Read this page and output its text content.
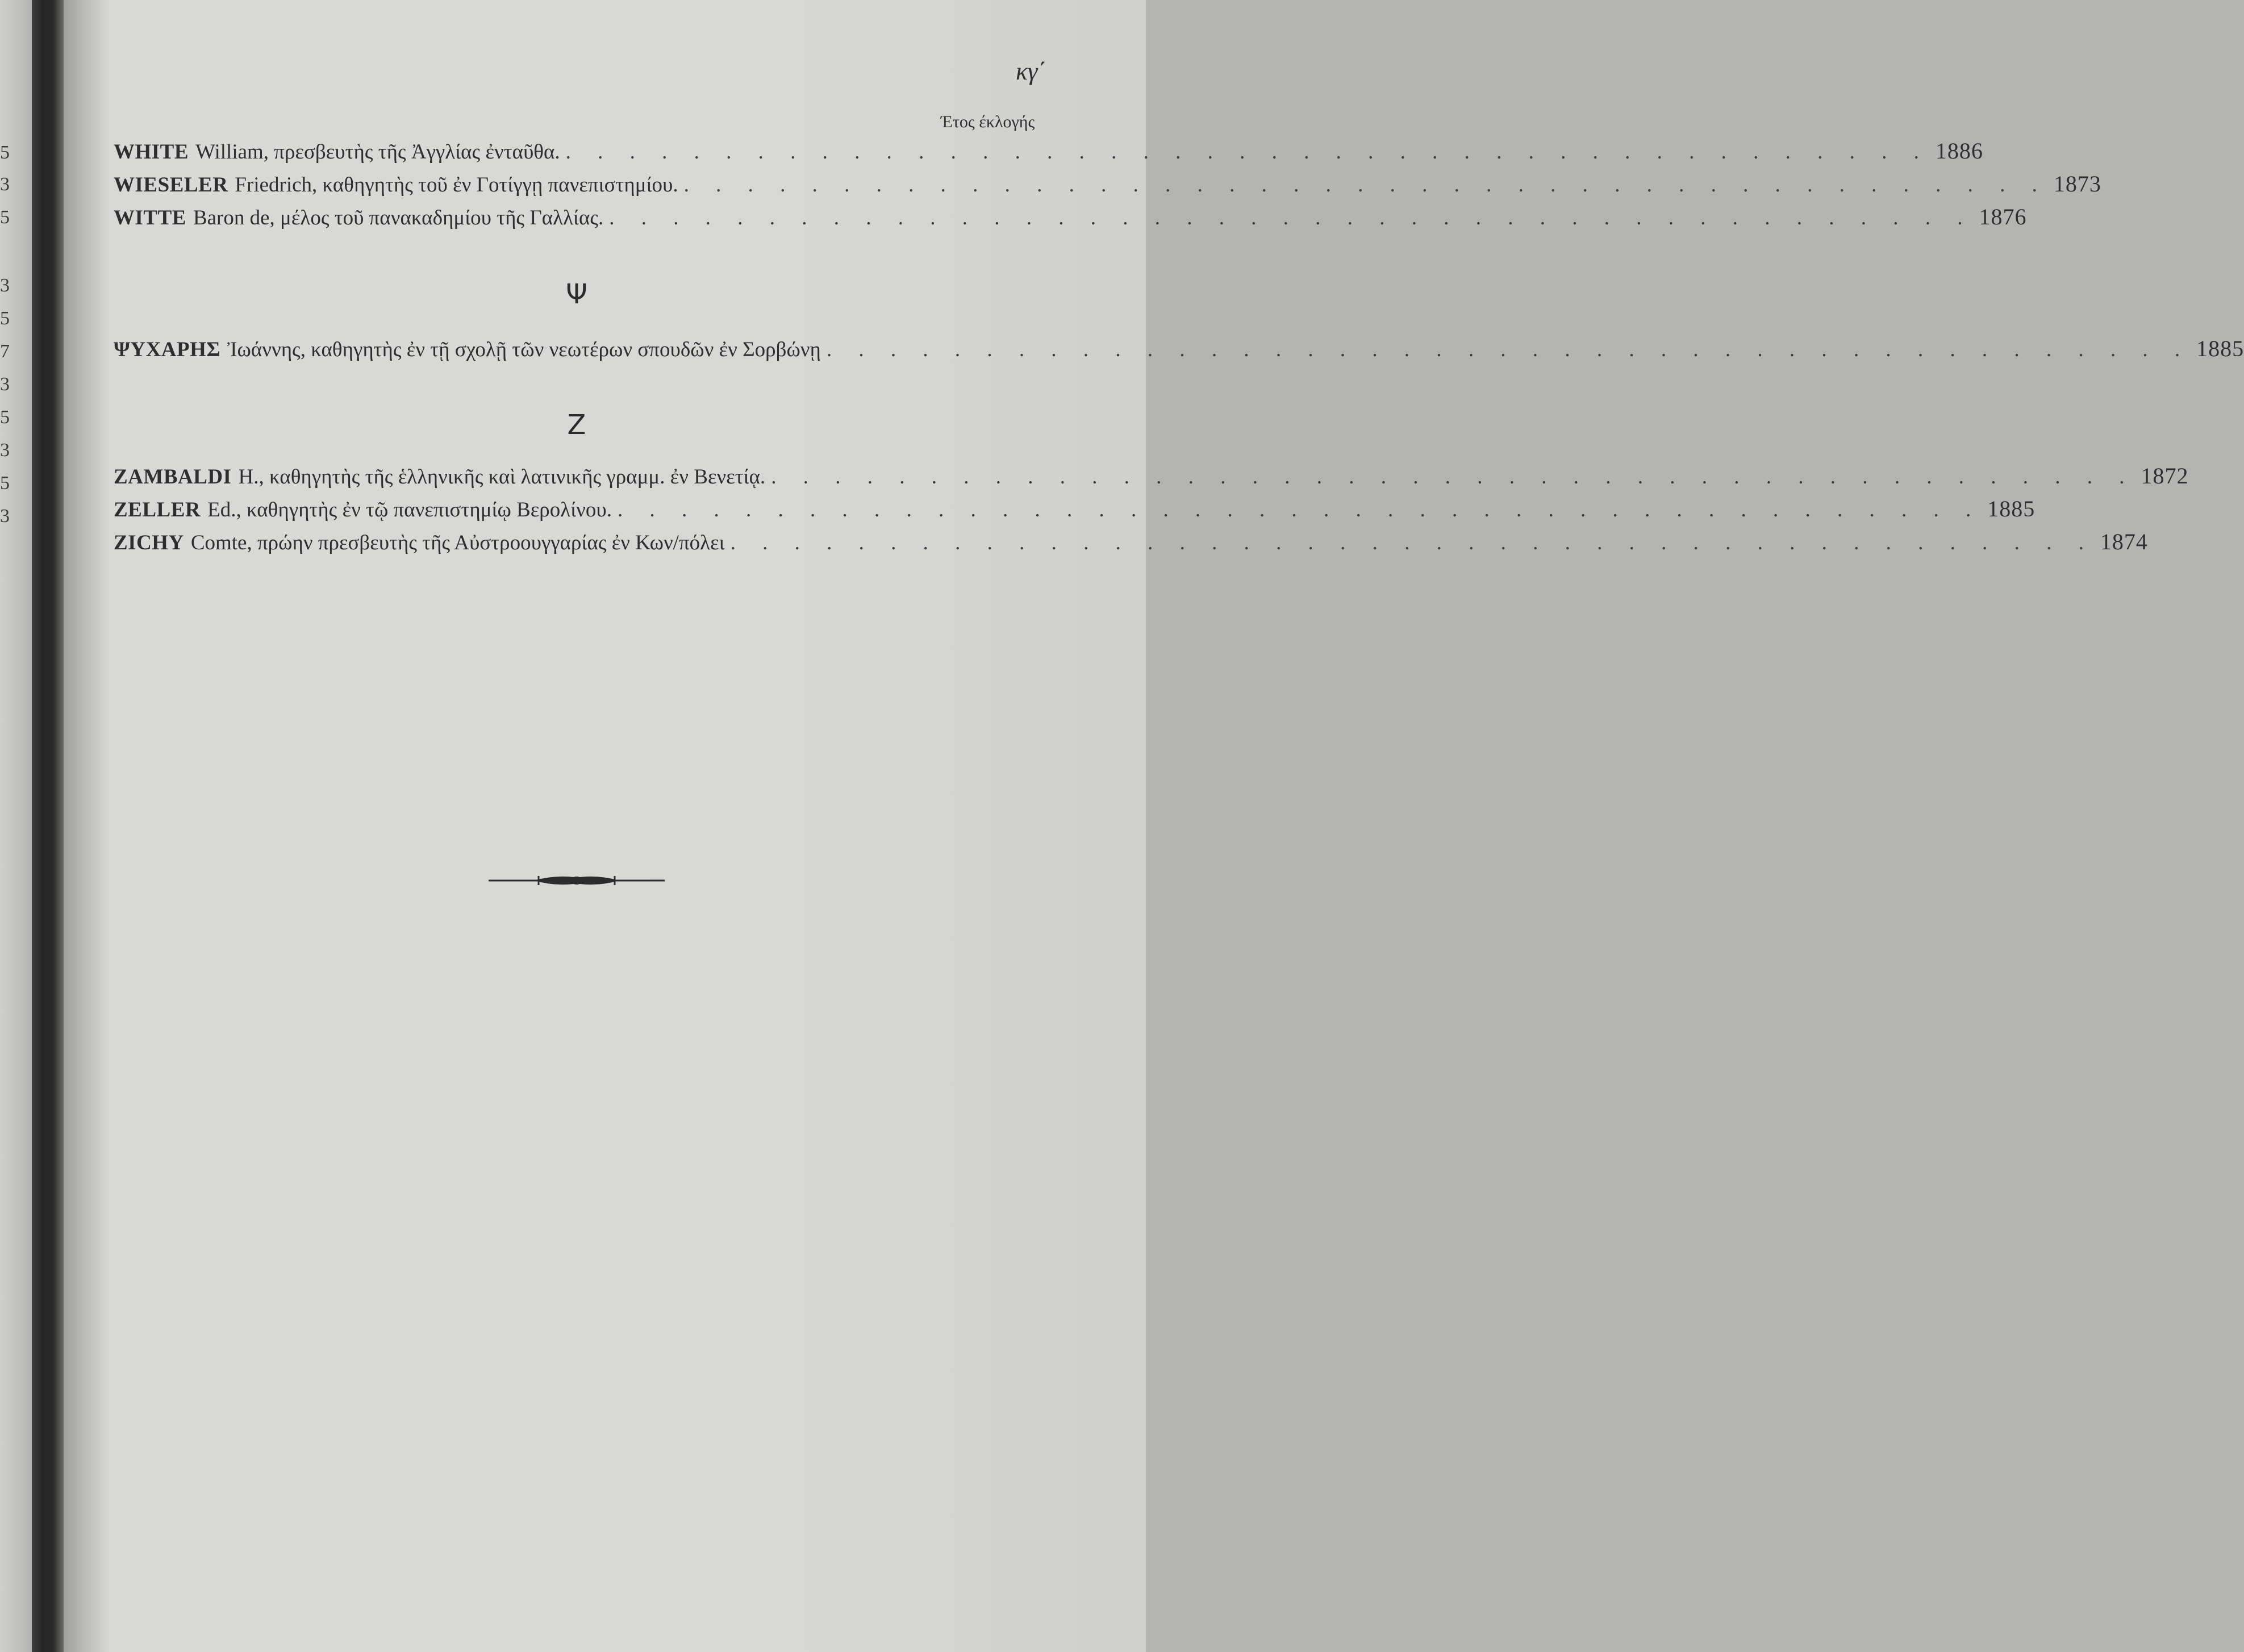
5
3
5
3
5
7
3
5
3
5
3
κγ΄
Έτος έκλογής
WHITE William, πρεσβευτὴς τῆς Ἀγγλίας ἐνταῦθα. . . . . . . . . . . . . . . . . . . . . . . . . . . . . . . . . . . . . . . . . . . . 1886
WIESELER Friedrich, καθηγητὴς τοῦ ἐν Γοτίγγῃ πανεπιστημίου. . . . . . . . . . . . . . . . . . . . . . . . . . . . . . . . . . . . . . . . . . . . 1873
WITTE Baron de, μέλος τοῦ πανακαδημίου τῆς Γαλλίας. . . . . . . . . . . . . . . . . . . . . . . . . . . . . . . . . . . . . . . . . . . . 1876
Ψ
ΨΥΧΑΡΗΣ Ἰωάννης, καθηγητὴς ἐν τῇ σχολῇ τῶν νεωτέρων σπουδῶν ἐν Σορβώνῃ . . . . . . . . . . . . . . . . . . . . . . . . . . . . . . . . . . . . . . . . . . . 1885
Z
ZAMBALDI H., καθηγητὴς τῆς ἑλληνικῆς καὶ λατινικῆς γραμμ. ἐν Βενετίᾳ. . . . . . . . . . . . . . . . . . . . . . . . . . . . . . . . . . . . . . . . . . . . 1872
ZELLER Ed., καθηγητὴς ἐν τῷ πανεπιστημίῳ Βερολίνου. . . . . . . . . . . . . . . . . . . . . . . . . . . . . . . . . . . . . . . . . . . . 1885
ZICHY Comte, πρώην πρεσβευτὴς τῆς Αὐστροουγγαρίας ἐν Κων/πόλει . . . . . . . . . . . . . . . . . . . . . . . . . . . . . . . . . . . . . . . . . . . 1874
